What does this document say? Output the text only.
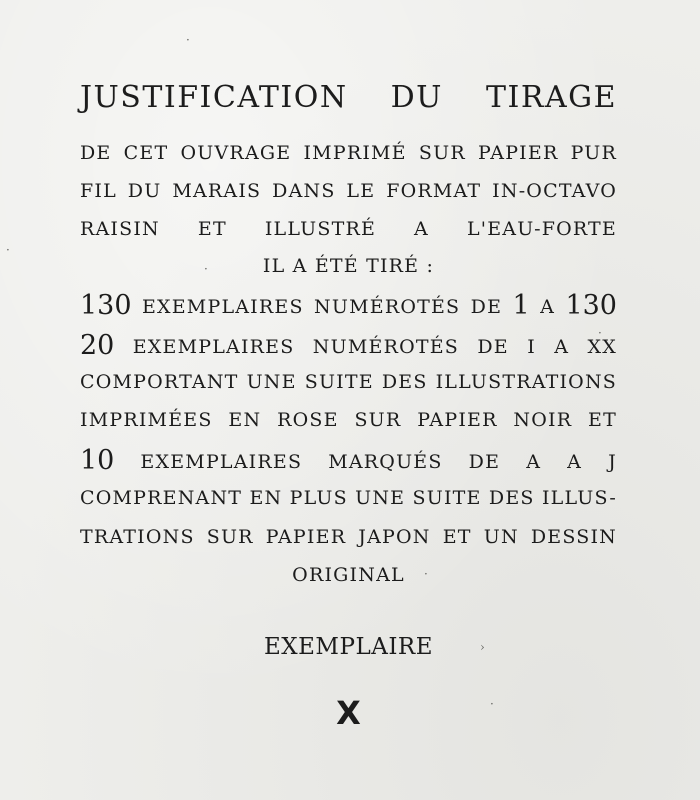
JUSTIFICATION DU TIRAGE

DE CET OUVRAGE IMPRIMÉ SUR PAPIER PUR

FIL DU MARAIS DANS LE FORMAT IN-OCTAVO

RAISIN ET ILLUSTRÉ A L'EAU-FORTE

IL A ÉTÉ TIRÉ :

130 EXEMPLAIRES NUMÉROTÉS DE 1 A 130

20 EXEMPLAIRES NUMÉROTÉS DE I A XX

COMPORTANT UNE SUITE DES ILLUSTRATIONS

IMPRIMÉES EN ROSE SUR PAPIER NOIR ET

10 EXEMPLAIRES MARQUÉS DE A A J

COMPRENANT EN PLUS UNE SUITE DES ILLUS-

TRATIONS SUR PAPIER JAPON ET UN DESSIN

ORIGINAL

EXEMPLAIRE

X

·
·
·
·
·
›
·
